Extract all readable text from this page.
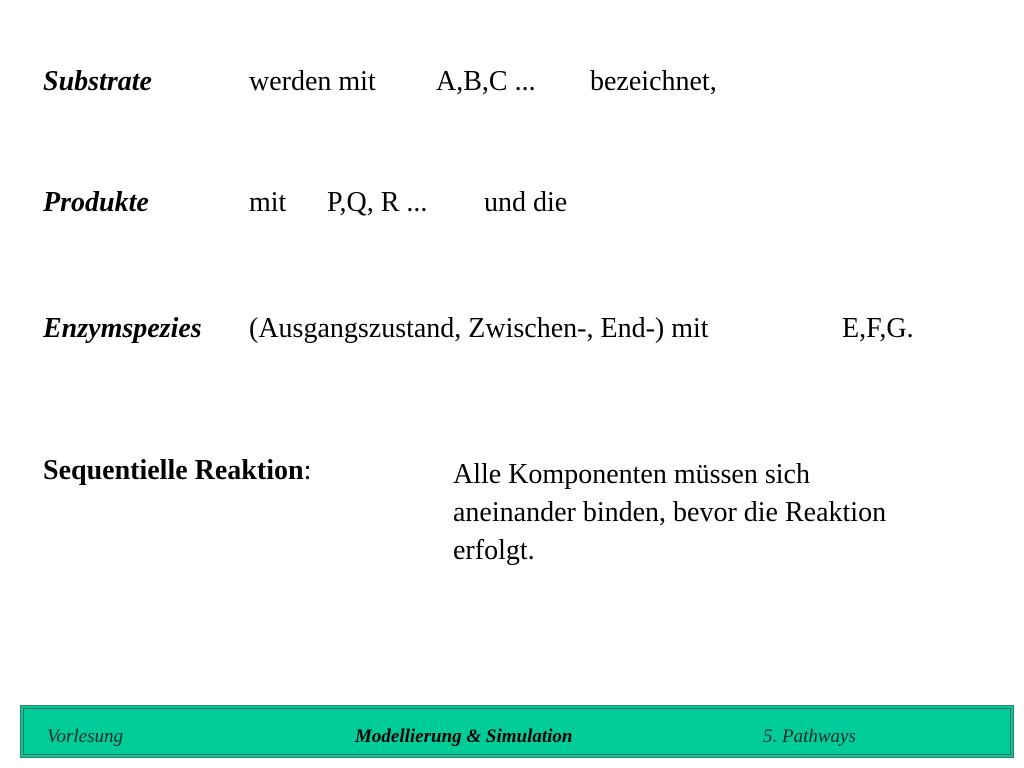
Substrate	werden mit A,B,C ... bezeichnet,
Produkte	mit P,Q, R ... und die
Enzymspezies (Ausgangszustand, Zwischen-, End-) mit	E,F,G.
Sequentielle Reaktion:	Alle Komponenten müssen sich
aneinander binden, bevor die Reaktion
erfolgt.
Vorlesung	Modellierung & Simulation	5. Pathways
